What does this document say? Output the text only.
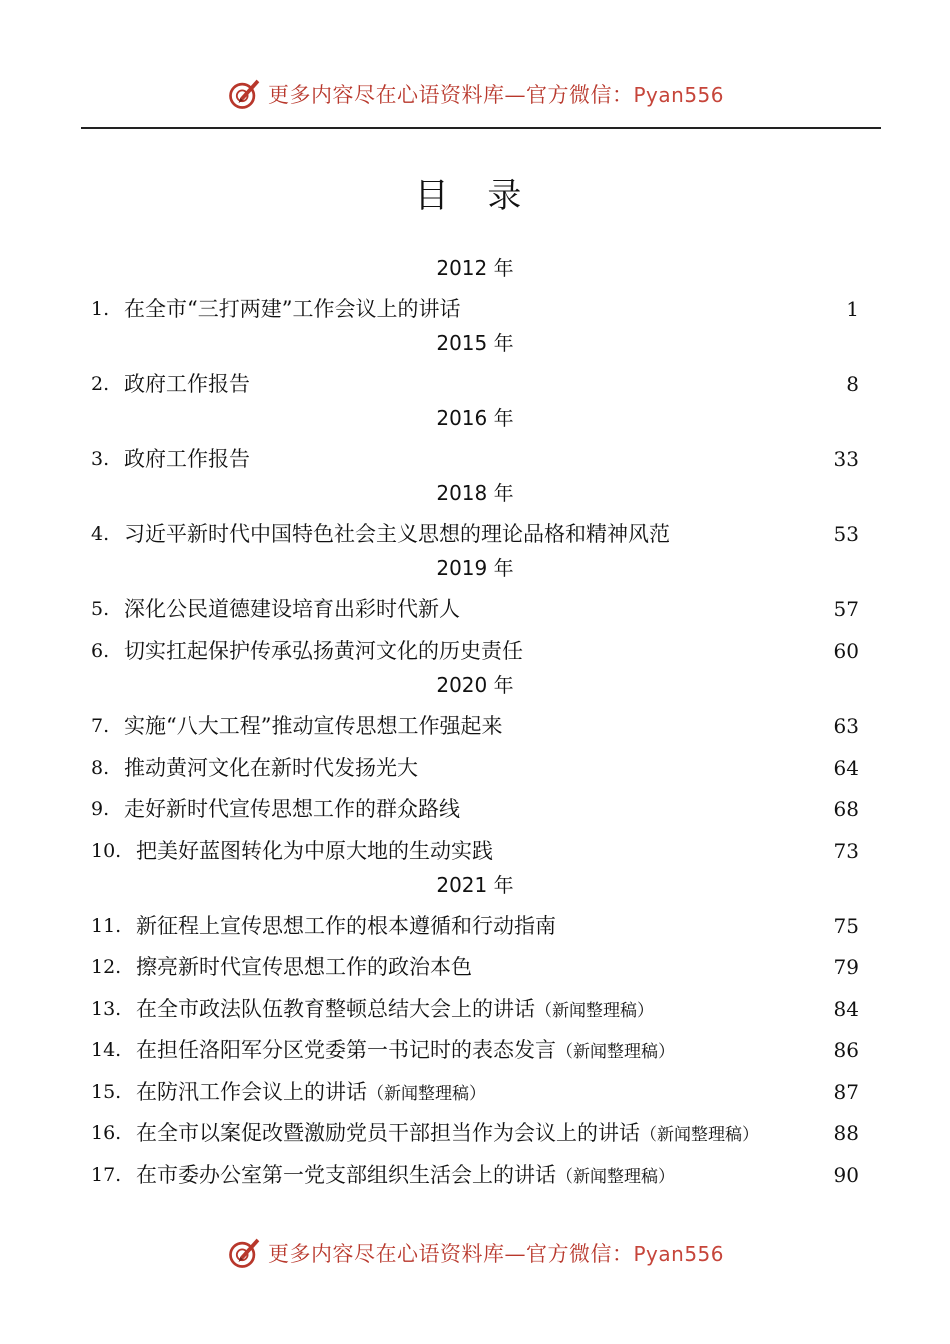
更多内容尽在心语资料库—官方微信：Pyan556
目 录
2012 年
1. 在全市“三打两建”工作会议上的讲话	1
2015 年
2. 政府工作报告	8
2016 年
3. 政府工作报告	33
2018 年
4. 习近平新时代中国特色社会主义思想的理论品格和精神风范	53
2019 年
5. 深化公民道德建设培育出彩时代新人	57
6. 切实扛起保护传承弘扬黄河文化的历史责任	60
2020 年
7. 实施“八大工程”推动宣传思想工作强起来	63
8. 推动黄河文化在新时代发扬光大	64
9. 走好新时代宣传思想工作的群众路线	68
10. 把美好蓝图转化为中原大地的生动实践	73
2021 年
11. 新征程上宣传思想工作的根本遵循和行动指南	75
12. 擦亮新时代宣传思想工作的政治本色	79
13. 在全市政法队伍教育整顿总结大会上的讲话（新闻整理稿）	84
14. 在担任洛阳军分区党委第一书记时的表态发言（新闻整理稿）	86
15. 在防汛工作会议上的讲话（新闻整理稿）	87
16. 在全市以案促改暨激励党员干部担当作为会议上的讲话（新闻整理稿）	88
17. 在市委办公室第一党支部组织生活会上的讲话（新闻整理稿）	90
更多内容尽在心语资料库—官方微信：Pyan556
